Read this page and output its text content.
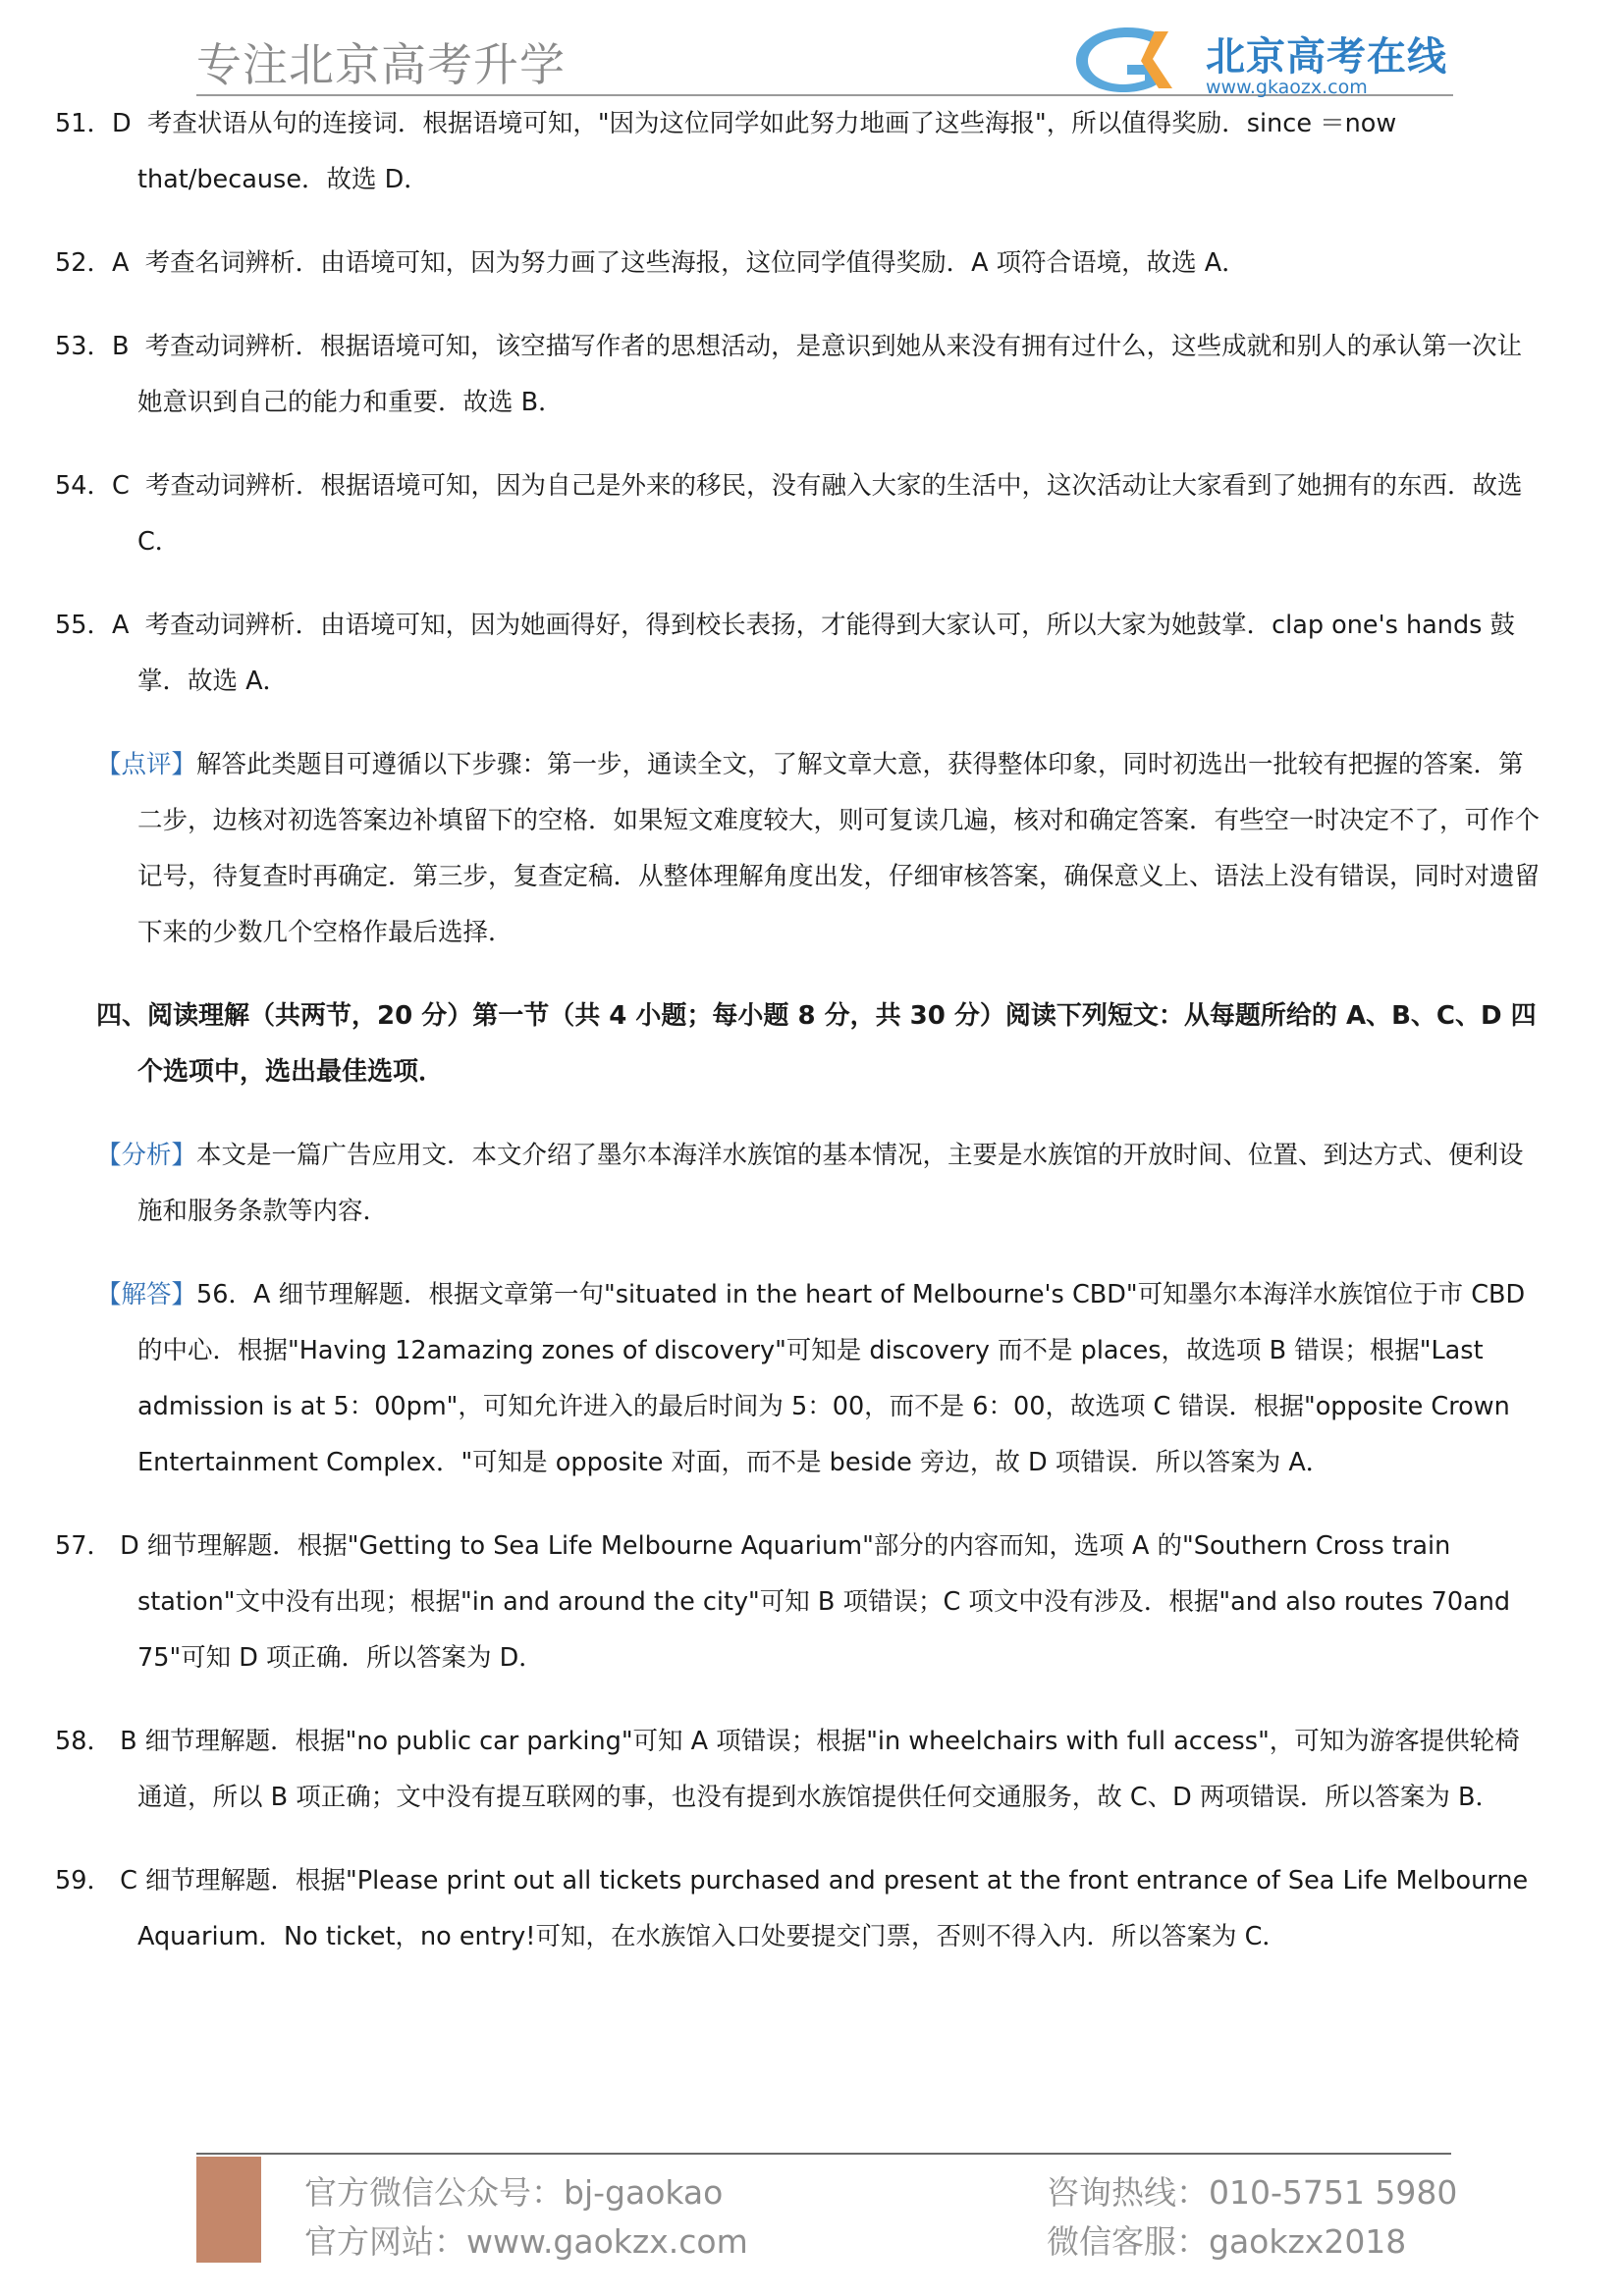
专注北京高考升学	北京高考在线
www.gkaozx.com
51．D 考查状语从句的连接词．根据语境可知，"因为这位同学如此努力地画了这些海报"，所以值得奖励．since ＝now that/because．故选 D．
52．A 考查名词辨析．由语境可知，因为努力画了这些海报，这位同学值得奖励．A 项符合语境，故选 A．
53．B 考查动词辨析．根据语境可知，该空描写作者的思想活动，是意识到她从来没有拥有过什么，这些成就和别人的承认第一次让她意识到自己的能力和重要．故选 B．
54．C 考查动词辨析．根据语境可知，因为自己是外来的移民，没有融入大家的生活中，这次活动让大家看到了她拥有的东西．故选 C．
55．A 考查动词辨析．由语境可知，因为她画得好，得到校长表扬，才能得到大家认可，所以大家为她鼓掌．clap one's hands 鼓掌．故选 A．
【点评】解答此类题目可遵循以下步骤：第一步，通读全文，了解文章大意，获得整体印象，同时初选出一批较有把握的答案．第二步，边核对初选答案边补填留下的空格．如果短文难度较大，则可复读几遍，核对和确定答案．有些空一时决定不了，可作个记号，待复查时再确定．第三步，复查定稿．从整体理解角度出发，仔细审核答案，确保意义上、语法上没有错误，同时对遗留下来的少数几个空格作最后选择．
四、阅读理解（共两节，20 分）第一节（共 4 小题；每小题 8 分，共 30 分）阅读下列短文：从每题所给的 A、B、C、D 四个选项中，选出最佳选项．
【分析】本文是一篇广告应用文．本文介绍了墨尔本海洋水族馆的基本情况，主要是水族馆的开放时间、位置、到达方式、便利设施和服务条款等内容．
【解答】56．A 细节理解题．根据文章第一句"situated in the heart of Melbourne's CBD"可知墨尔本海洋水族馆位于市 CBD 的中心．根据"Having 12amazing zones of discovery"可知是 discovery 而不是 places，故选项 B 错误；根据"Last admission is at 5：00pm"，可知允许进入的最后时间为 5：00，而不是 6：00，故选项 C 错误．根据"opposite Crown Entertainment Complex．"可知是 opposite 对面，而不是 beside 旁边，故 D 项错误．所以答案为 A．
57． D 细节理解题．根据"Getting to Sea Life Melbourne Aquarium"部分的内容而知，选项 A 的"Southern Cross train station"文中没有出现；根据"in and around the city"可知 B 项错误；C 项文中没有涉及．根据"and also routes 70and 75"可知 D 项正确．所以答案为 D．
58． B 细节理解题．根据"no public car parking"可知 A 项错误；根据"in wheelchairs with full access"，可知为游客提供轮椅通道，所以 B 项正确；文中没有提互联网的事，也没有提到水族馆提供任何交通服务，故 C、D 两项错误．所以答案为 B．
59． C 细节理解题．根据"Please print out all tickets purchased and present at the front entrance of Sea Life Melbourne Aquarium．No ticket，no entry!可知，在水族馆入口处要提交门票，否则不得入内．所以答案为 C．
官方微信公众号：bj-gaokao
官方网站：www.gaokzx.com
咨询热线：010-5751 5980
微信客服：gaokzx2018
